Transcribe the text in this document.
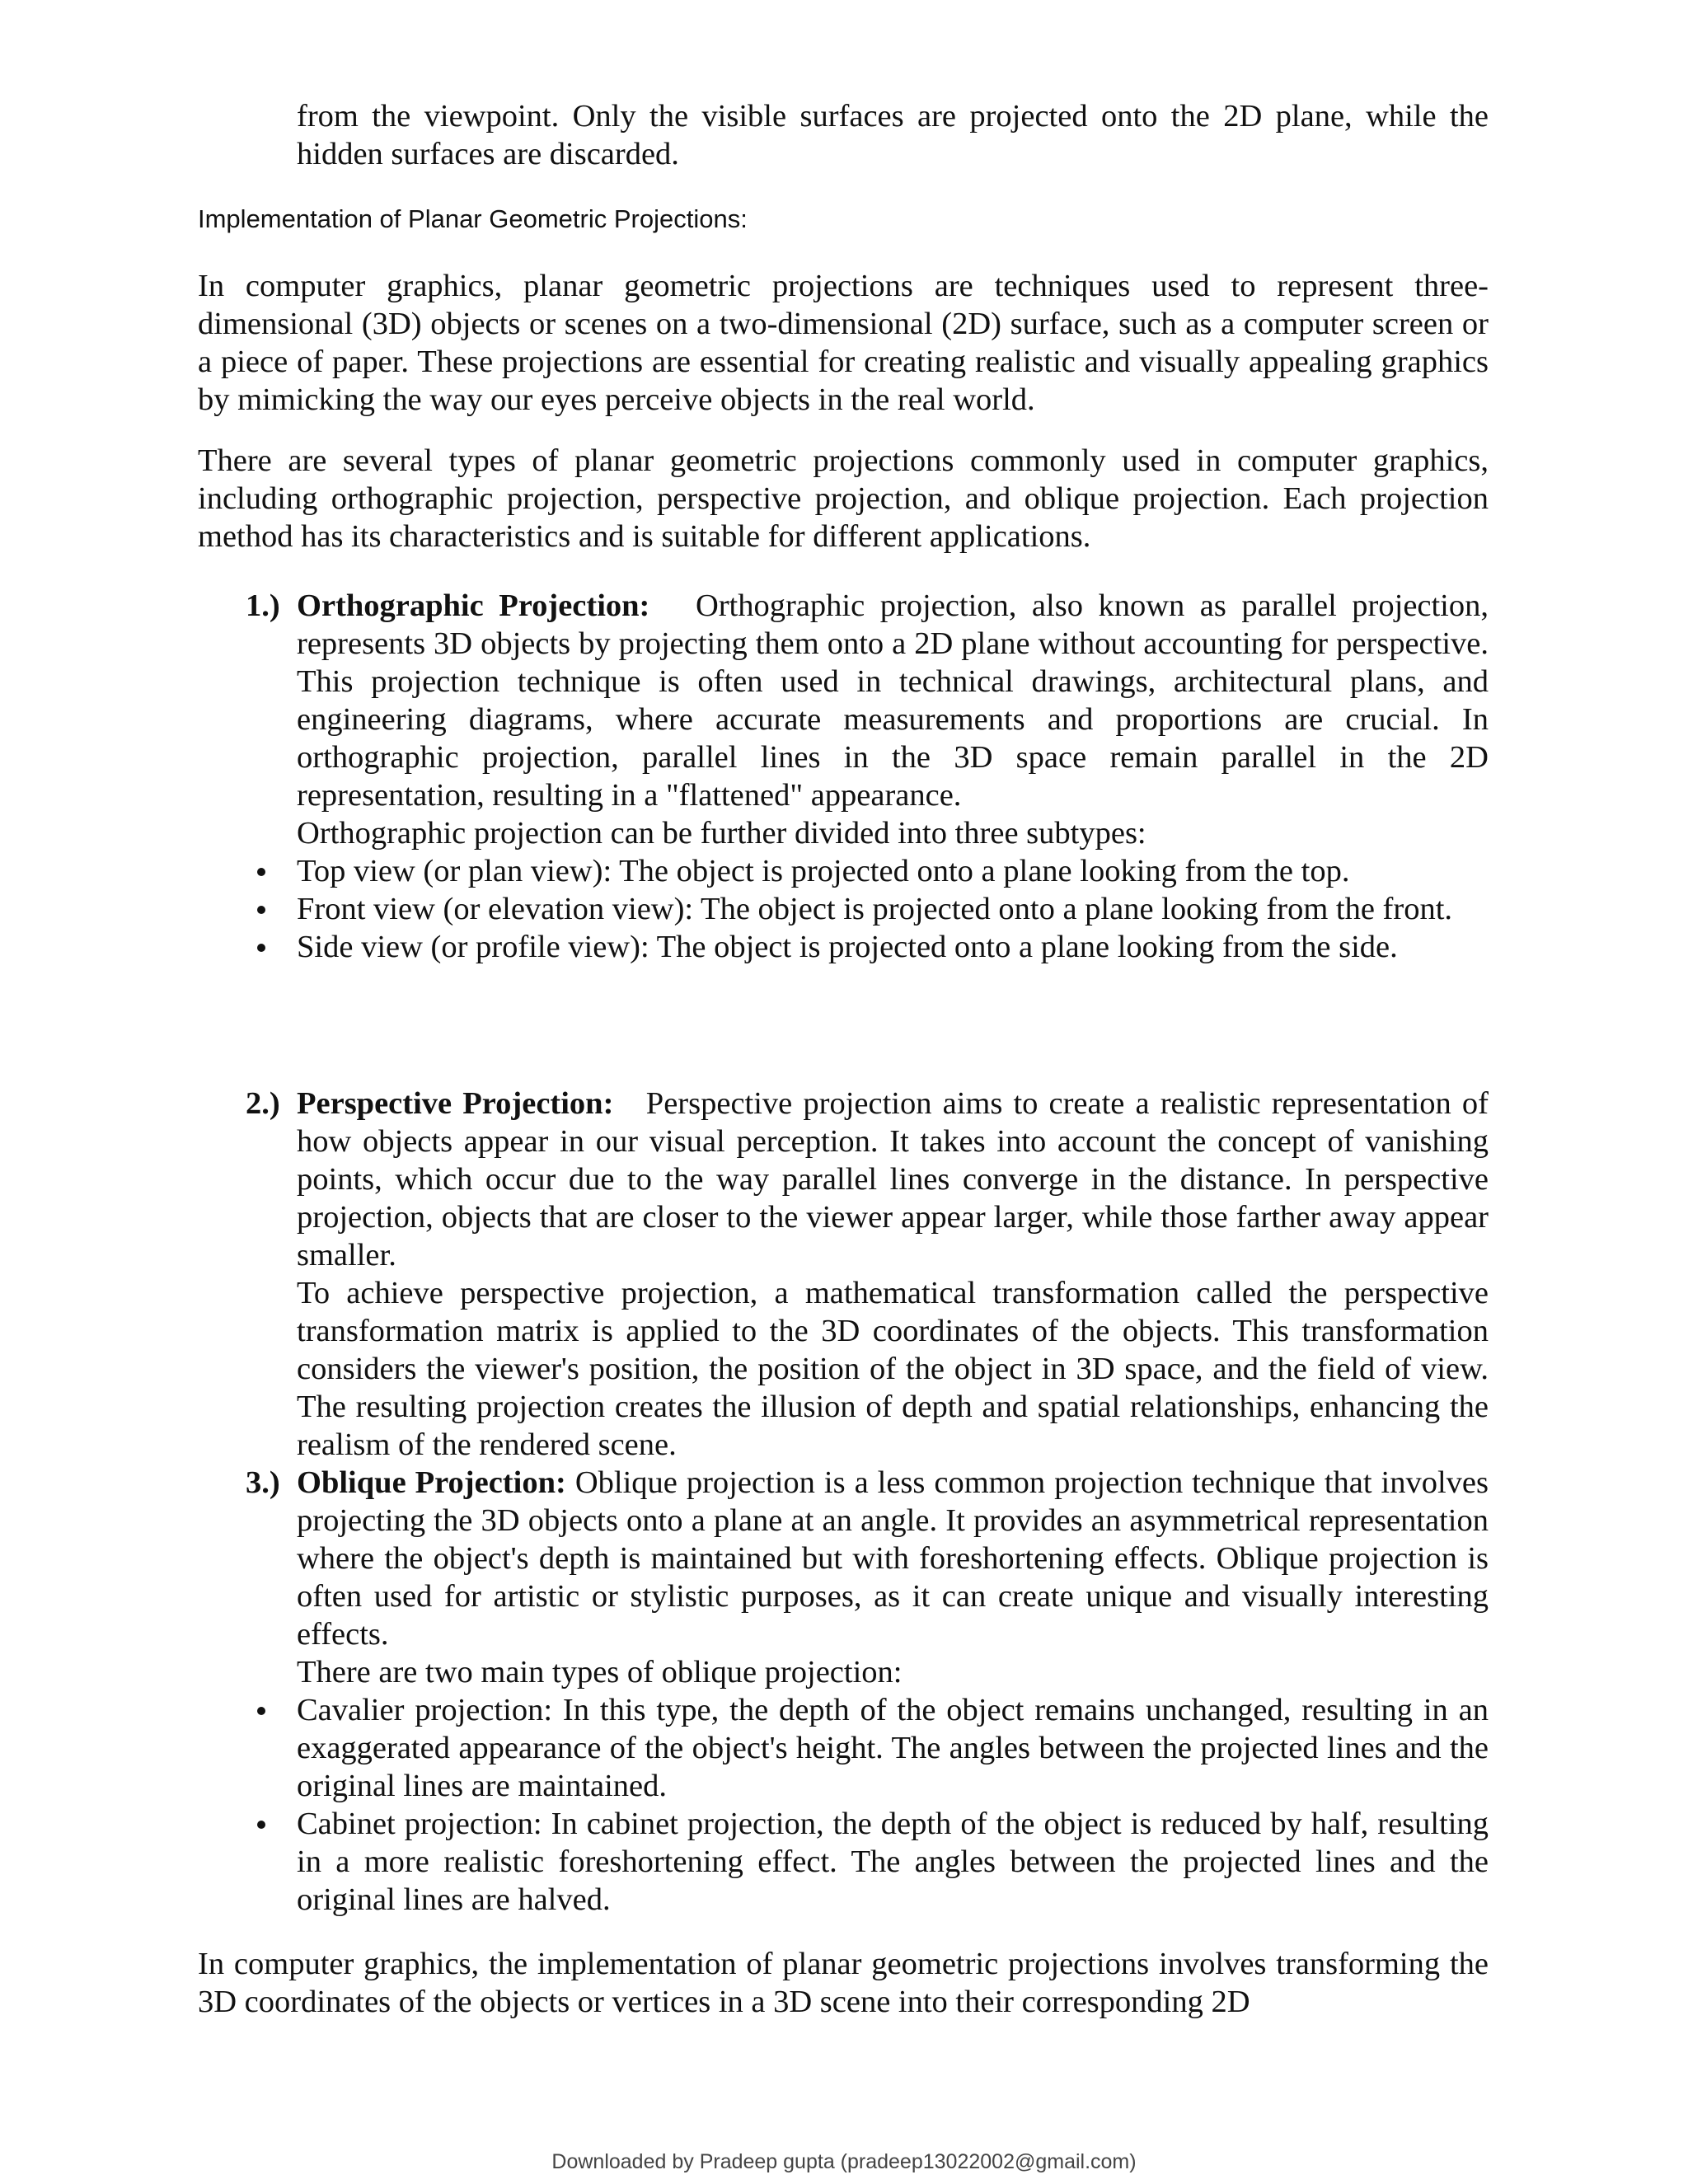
from the viewpoint. Only the visible surfaces are projected onto the 2D plane, while the hidden surfaces are discarded.
Implementation of Planar Geometric Projections:
In computer graphics, planar geometric projections are techniques used to represent three-dimensional (3D) objects or scenes on a two-dimensional (2D) surface, such as a computer screen or a piece of paper. These projections are essential for creating realistic and visually appealing graphics by mimicking the way our eyes perceive objects in the real world.
There are several types of planar geometric projections commonly used in computer graphics, including orthographic projection, perspective projection, and oblique projection. Each projection method has its characteristics and is suitable for different applications.
1.) Orthographic Projection: Orthographic projection, also known as parallel projection, represents 3D objects by projecting them onto a 2D plane without accounting for perspective. This projection technique is often used in technical drawings, architectural plans, and engineering diagrams, where accurate measurements and proportions are crucial. In orthographic projection, parallel lines in the 3D space remain parallel in the 2D representation, resulting in a "flattened" appearance.
Orthographic projection can be further divided into three subtypes:
Top view (or plan view): The object is projected onto a plane looking from the top.
Front view (or elevation view): The object is projected onto a plane looking from the front.
Side view (or profile view): The object is projected onto a plane looking from the side.
2.) Perspective Projection: Perspective projection aims to create a realistic representation of how objects appear in our visual perception. It takes into account the concept of vanishing points, which occur due to the way parallel lines converge in the distance. In perspective projection, objects that are closer to the viewer appear larger, while those farther away appear smaller.
To achieve perspective projection, a mathematical transformation called the perspective transformation matrix is applied to the 3D coordinates of the objects. This transformation considers the viewer's position, the position of the object in 3D space, and the field of view. The resulting projection creates the illusion of depth and spatial relationships, enhancing the realism of the rendered scene.
3.) Oblique Projection: Oblique projection is a less common projection technique that involves projecting the 3D objects onto a plane at an angle. It provides an asymmetrical representation where the object's depth is maintained but with foreshortening effects. Oblique projection is often used for artistic or stylistic purposes, as it can create unique and visually interesting effects.
There are two main types of oblique projection:
Cavalier projection: In this type, the depth of the object remains unchanged, resulting in an exaggerated appearance of the object's height. The angles between the projected lines and the original lines are maintained.
Cabinet projection: In cabinet projection, the depth of the object is reduced by half, resulting in a more realistic foreshortening effect. The angles between the projected lines and the original lines are halved.
In computer graphics, the implementation of planar geometric projections involves transforming the 3D coordinates of the objects or vertices in a 3D scene into their corresponding 2D
Downloaded by Pradeep gupta (pradeep13022002@gmail.com)
